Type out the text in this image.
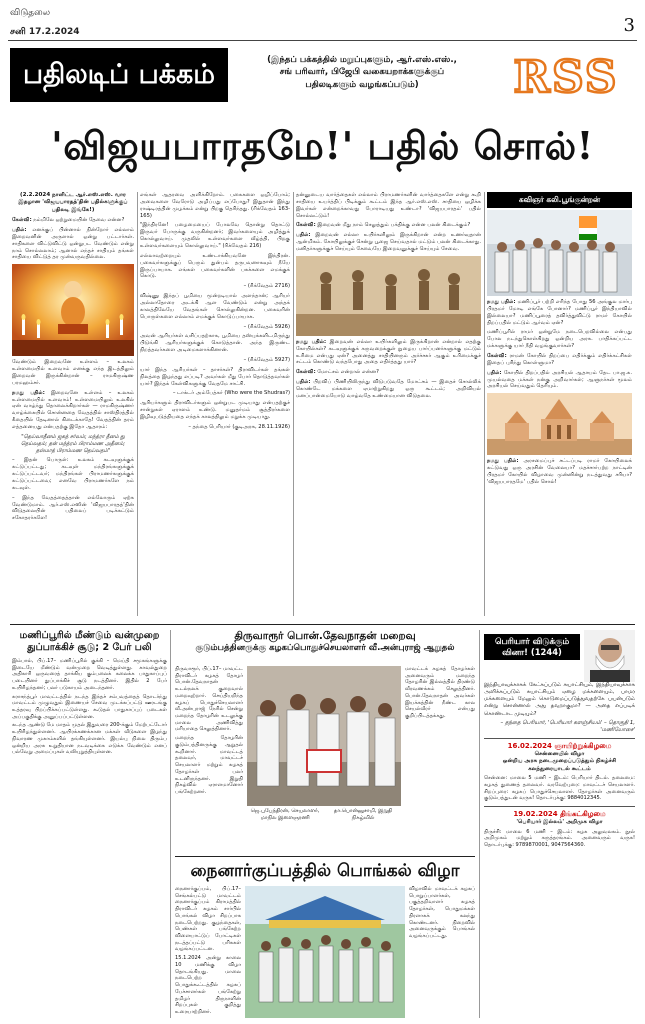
விடுதலை
சனி 17.2.2024	3
பதிலடிப் பக்கம்	(இந்தப் பக்கத்தில் மறுப்புகளும், ஆர்.எஸ்.எஸ்.,
சங் பரிவார், பிஜேபி வகையறாக்களுக்குப்
பதிலடிகளும் வழங்கப்படும்)	RSS
'விஜயபாரதமே!' பதில் சொல்!

(2.2.2024 நாளிட்ட ஆர்.எஸ்.எஸ். வார இதழான 'விஜயபாரதத்'தின் பதில்களுக்குப் பதிலடி இங்கே!)

கேள்வி: நம்மிலே ஒற்றுமையின் தேவை என்ன?

பதில்: எனக்குப் பின்னால் நின்றோர் எல்லாம் இறைவனின் அருளால் ஒன்று பட்டார்கள். சாதிகளை விட்டுவிட்டு ஒன்றுபட வேண்டும் என்று நாம் சொல்லலாம்; ஆனால் எந்தச் சாதியும் தங்கள் சாதியை விட்டுத் தர முன்வருவதில்லை.

வேண்டும் இறைவனே உள்ளம் – உலகம் உள்ளமையில் உளவாம் எனக்கு எந்த இடத்திலும் இறைவன் இருக்கின்றான் – ராமகிருஷ்ண பரமஹம்சர்.

நமது பதில்: இறைவனே உள்ளம் – உலகம் உள்ளமையில் உளவாம்! உள்ளமையிலும் உலகில் ஏன் வாழ்ந்து தொலைக்கிறார்கள் — ராமகிருஷ்ணர் வாழ்க்கையில் சொன்னதை வேதத்தில் சாஸ்திரத்தில் கீதையில் தேடினால் கிடைக்காதே! வேதத்தின் தரம் எத்தனையது என்பதற்கு இதோ ஆதாரம்:

"தெய்வாதீனம் ஜகத் சர்வம்; மந்த்ரா தீனம் து தெய்வதம்; தன் மந்த்ரம் பிராம்மண அதீனம்; தஸ்மாத் பிராம்மண தெய்வதம்"

– இதன் பொருள்: உலகம் கடவுளுக்குக் கட்டுப்பட்டது; கடவுள் மந்திரங்களுக்குக் கட்டுப்பட்டவர்; மந்திரங்கள் பிராமணர்களுக்குக் கட்டுப்பட்டவை; எனவே பிராமணர்களே நம் கடவுள்.

– இந்த வேதத்தைத்தான் எல்லோரும் ஏற்க வேண்டுமாம். ஆர்.எஸ்.எஸின் 'விஜயபாரதத்'தின் விடுதலையின் பதிலைப் படிக்கட்டும் சகோதரர்களே!

எங்கள் ஆதரவை அளிக்கிறோம். பகைகளை ஒழிப்போம்; அவைகளை வேரோடு அழிப்பது எப்போது? இதுதான் இந்து ராஷ்டிரத்தின் முழக்கம் என்று பிறகு தெரிந்தது. (ரிக்வேதம் 163-165)

"இந்திரனே! பழைமையைப் போலவே தொன்று தொட்டு இருவர் போருக்கு வருகின்றனர்; இவர்களையும் அழித்துக் கொல்லுவாய். முதலில் உள்ளவர்களை வீழ்த்தி, பிறகு உள்ளவர்களையும் கொல்லுவாய்." (ரிக்வேதம் 216)

எல்லாவற்றையும் உண்டாக்கியவனே இந்திரன். பகைவர்களுக்குப் பெரும் துன்பம் தருபவனாகவும் நீயே இருப்பாயாக. எங்கள் பகைவர்களின் பசுக்களை எமக்குக் கொடு.

– (ரிக்வேதம் 2716)

விஷ்ணு இந்தப் பூமியை மூன்றடியால் அளந்தான்; ஆரியர் அல்லாதோரை அடக்கி ஆள வேண்டும் என்று அந்தக் காலத்திலேயே வேதங்கள் சொல்லுகின்றன. பகைவரின் பொருள்களை எல்லாம் எமக்குக் கொடுப்பாயாக.

– (ரிக்வேதம் 5926)

அவன் ஆரியர்கள் வசிப்பதற்காக, பூமியை தஸ்யுக்களிடமிருந்து பிடுங்கி ஆரியர்களுக்குக் கொடுத்தான். அந்த இருண்ட நிறத்தவர்களை அடிமைகளாக்கினான்.

– (ரிக்வேதம் 5927)

யார் இந்த ஆரியர்கள் – தாசர்கள்? திராவிடர்கள் தங்கள் நிலத்தை இழந்தது எப்படி? அவர்கள் மீது போர் தொடுத்தவர்கள் யார்? இந்தக் கேள்விகளுக்கு வேதமே சாட்சி.

– டாக்டர் அம்பேத்கர் (Who were the Shudras?)

ஆரியர்களும் திராவிடர்களும் ஒன்றுபட முடியாது என்பதற்குச் சான்றுகள் ஏராளம் உண்டு. மனுதர்மம் சூத்திரர்களை இழிவுபடுத்தியதை எந்தக் காலத்திலும் மறுக்க முடியாது.

– தந்தை பெரியார் (குடிஅரசு, 28.11.1926)

தன்னுடைய வார்த்தைகள் எல்லாம் பிராமணர்களின் வார்த்தைகளே என்று கூறி சாதியை உயர்த்திப் பிடிக்கும் கூட்டம் இந்த ஆர்.எஸ்.எஸ். சாதியை ஒழிக்க இவர்கள் என்றைக்காவது போராடியது உண்டா? 'விஜயபாரதம்' பதில் சொல்லட்டும்!

கேள்வி: இறைவன் மீது நாம் செலுத்தும் பக்திக்கு என்ன பலன் கிடைக்கும்?

பதில்: இறைவன் எல்லா உயிர்களிலும் இருக்கிறான் என்ற உணர்வுதான் ஆன்மிகம். கோயிலுக்குச் சென்று பூஜை செய்வதால் மட்டும் பலன் கிடைக்காது. மனிதர்களுக்குச் செய்யும் சேவையே இறைவனுக்குச் செய்யும் சேவை.

நமது பதில்: இறைவன் எல்லா உயிர்களிலும் இருக்கிறான் என்றால் எதற்கு கோயில்கள்? கடவுளுக்குக் கருவறைக்குள் நுழைய பார்ப்பனர்களுக்கு மட்டும் உரிமை என்பது ஏன்? அனைத்து சாதியினரும் அர்ச்சகர் ஆகும் உரிமைக்குச் சட்டம் கொண்டு வந்தபோது அதை எதிர்த்தது யார்?

கேள்வி: மோட்சம் என்றால் என்ன?

பதில்: பிறவிப் பிணியிலிருந்து விடுபடுவதே மோட்சம் — இதைச் சொல்லிக் கொண்டே மக்களை ஏமாற்றுகிறது ஒரு கூட்டம்; அறிவியல் மனப்பான்மையோடு வாழ்வதே உண்மையான விடுதலை.

கவிஞர் கலி.பூங்குன்றன்

நமது பதில்: மணிப்பூர் பற்றி எரிந்த போது 56 அங்குல மார்பு பிரதமர் மோடி எங்கே போனார்? மணிப்பூர் இந்தியாவில் இல்லையா? மணிப்பூரைத் தவிர்த்துவிட்டு ராமர் கோயில் திறப்பதில் மட்டும் ஆர்வம் ஏன்?

மணிப்பூரில் ராமர் ஒன்றுமே நடைபெறவில்லை என்பது போல நடந்துகொள்கிறது ஒன்றிய அரசு. பாதிக்கப்பட்ட மக்களுக்கு யார் நீதி வழங்குவார்கள்?

கேள்வி: ராமன் கோயில் திறப்பை எதிர்க்கும் எதிர்க்கட்சிகள் இதைப் புரிந்து கொள்ளுமா?

பதில்: கோயில் திறப்பதில் அரசியல் ஆதாயம் தேட பா.ஜ.க. முயல்வதை மக்கள் நன்கு அறிவார்கள்; ஆளுநர்கள் மூலம் அரசியல் செய்வதும் தெரியும்.

நமது பதில்: அரசமைப்புச் சட்டப்படி ராமர் கோயிலைக் கட்டுவது ஒரு அரசின் வேலையா? மதச்சார்பற்ற நாட்டின் பிரதமர் கோயில் விழாவை முன்னின்று நடத்துவது சரியா? 'விஜயபாரதமே' பதில் சொல்!

மணிப்பூரில் மீண்டும் வன்முறை துப்பாக்கிச் சூடு; 2 பேர் பலி

இம்பால், பிப்.17– மணிப்பூரில் குக்கி – மெய்தி சமூகங்களுக்கு இடையே மீண்டும் வன்முறை வெடித்துள்ளது. காவல்துறை அதிகாரி ஒருவரைத் தாக்கிய கும்பலைக் கலைக்க பாதுகாப்புப் படையினர் துப்பாக்கிச் சூடு நடத்தினர். இதில் 2 பேர் உயிரிழந்தனர்; பலர் படுகாயம் அடைந்தனர்.

சுராசந்த்பூர் மாவட்டத்தில் நடந்த இந்தச் சம்பவத்தைத் தொடர்ந்து மாவட்டம் முழுவதும் இணையச் சேவை முடக்கப்பட்டு ஊரடங்கு உத்தரவு பிறப்பிக்கப்பட்டுள்ளது. கூடுதல் பாதுகாப்புப் படைகள் அப்பகுதிக்கு அனுப்பப்பட்டுள்ளன.

கடந்த ஆண்டு மே மாதம் முதல் இதுவரை 200-க்கும் மேற்பட்டோர் உயிரிழந்துள்ளனர். ஆயிரக்கணக்கான மக்கள் வீடுகளை இழந்து நிவாரண முகாம்களில் தங்கியுள்ளனர். இயல்பு நிலை திரும்ப ஒன்றிய அரசு உறுதியான நடவடிக்கை எடுக்க வேண்டும் எனப் பல்வேறு அமைப்புகள் வலியுறுத்தியுள்ளன.

திருவாரூர் பொன்.தேவநாதன் மறைவு
குடும்பத்தினருக்கு கழகப்பொதுச்செயலாளர் வீ.அன்புராஜ் ஆறுதல்

திருவாரூர், பிப்.17– மாவட்ட திராவிடர் கழகத் தோழர் பொன்.தேவநாதன் உடல்நலக் குறைவால் மறைவுற்றார். செய்தியறிந்த கழகப் பொதுச்செயலாளர் வீ.அன்புராஜ் நேரில் சென்று மறைந்த தோழரின் உடலுக்கு மாலை அணிவித்து மரியாதை செலுத்தினார்.

மறைந்த தோழரின் குடும்பத்தினருக்கு ஆறுதல் கூறினார். மாவட்டத் தலைவர், மாவட்டச் செயலாளர் மற்றும் கழகத் தோழர்கள் பலர் உடனிருந்தனர். இறுதி நிகழ்வில் ஏராளமானோர் பங்கேற்றனர்.

ஜெ.புபேந்திரன், செயலாளர், மாநில இளைஞரணி
தா.பொன்னுசாமி, இறுதி நிகழ்வில்

மாவட்டக் கழகத் தோழர்கள் அனைவரும் மறைந்த தோழரின் இல்லத்தில் திரண்டு வீரவணக்கம் செலுத்தினர். பொன்.தேவநாதன் அவர்கள் இயக்கத்தின் நீண்ட கால செயல்வீரர் என்பது குறிப்பிடத்தக்கது.

நைனார்குப்பத்தில் பொங்கல் விழா

நைனார்குப்பம், பிப்.17– செங்கல்பட்டு மாவட்டம் நைனார்குப்பம் கிராமத்தில் திராவிடர் கழகம் சார்பில் பொங்கல் விழா சிறப்பாக நடைபெற்றது. குழந்தைகள், பெண்கள் பங்கேற்ற விளையாட்டுப் போட்டிகள் நடத்தப்பட்டு பரிசுகள் வழங்கப்பட்டன.

15.1.2024 அன்று காலை 10 மணிக்கு விழா தொடங்கியது. மாலை நடைபெற்ற பொதுக்கூட்டத்தில் கழகப் பேச்சாளர்கள் பங்கேற்று தமிழர் திருநாளின் சிறப்புகள் குறித்து உரையாற்றினர்.

விழாவில் மாவட்டக் கழகப் பொறுப்பாளர்கள், பகுத்தறிவாளர் கழகத் தோழர்கள், பொதுமக்கள் திரளாகக் கலந்து கொண்டனர். நிறைவில் அனைவருக்கும் பொங்கல் வழங்கப்பட்டது.

பெரியார் விடுக்கும் வினா! (1244)

இந்தியாவுக்காகக் கேட்கப்படும் சுயாட்சியும், இந்தியாவுக்காக அளிக்கப்படும் சுயாட்சியும் ஏழை மக்களையும், பாமர மக்களையும் மேலும் கொடுமைப்படுத்துவதற்கே பயன்படும் என்று சொன்னால் அது தவறாகுமா? — அதை எப்படிக் கொண்டாட முடியும்?

– தந்தை பெரியார், 'பெரியார் களஞ்சியம்' – தொகுதி 1, 'மணியோசை'

16.02.2024 ஞாயிற்றுக்கிழமை
சென்னையில் விழா
ஒன்றிய அரசு நடைமுறைப்படுத்தும் நிகழ்ச்சி கலந்துரையாடல் கூட்டம்
சென்னை: மாலை 5 மணி – இடம்: பெரியார் திடல். தலைமை: கழகத் துணைத் தலைவர். வரவேற்புரை: மாவட்டச் செயலாளர். சிறப்புரை: கழகப் பொதுச்செயலாளர். தோழர்கள் அனைவரும் குடும்பத்துடன் வருக! தொடர்புக்கு: 9884012345.
19.02.2024 திங்கட்கிழமை
'பெரியார் இல்லம்' அறிமுக விழா
திருச்சி: மாலை 6 மணி – இடம்: கழக அலுவலகம். நூல் அறிமுகம் மற்றும் கருத்தரங்கம். அனைவரும் வருக! தொடர்புக்கு: 9789870001, 9047564360.
